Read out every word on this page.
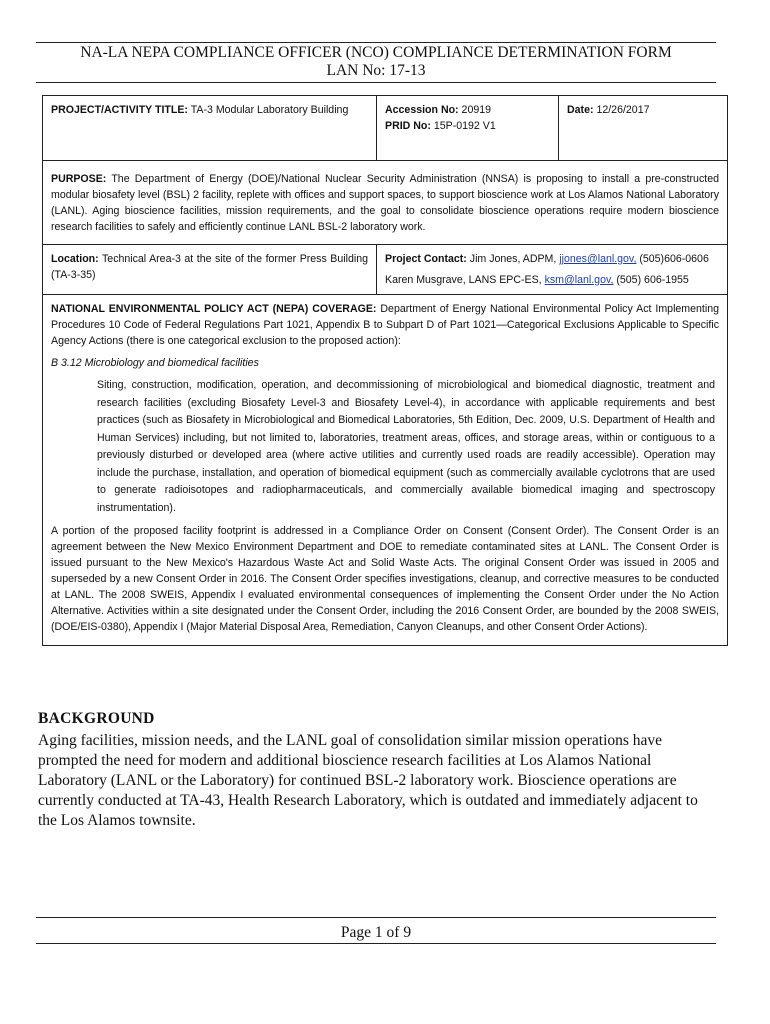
NA-LA NEPA COMPLIANCE OFFICER (NCO) COMPLIANCE DETERMINATION FORM
LAN No: 17-13
PROJECT/ACTIVITY TITLE: TA-3 Modular Laboratory Building	Accession No: 20919
PRID No: 15P-0192 V1
Date: 12/26/2017
PURPOSE: The Department of Energy (DOE)/National Nuclear Security Administration (NNSA) is proposing to install a pre-constructed modular biosafety level (BSL) 2 facility, replete with offices and support spaces, to support bioscience work at Los Alamos National Laboratory (LANL). Aging bioscience facilities, mission requirements, and the goal to consolidate bioscience operations require modern bioscience research facilities to safely and efficiently continue LANL BSL-2 laboratory work.
Location: Technical Area-3 at the site of the former Press Building (TA-3-35)
Project Contact: Jim Jones, ADPM, jjones@lanl.gov, (505)606-0606
Karen Musgrave, LANS EPC-ES, ksm@lanl.gov, (505) 606-1955
NATIONAL ENVIRONMENTAL POLICY ACT (NEPA) COVERAGE: Department of Energy National Environmental Policy Act Implementing Procedures 10 Code of Federal Regulations Part 1021, Appendix B to Subpart D of Part 1021—Categorical Exclusions Applicable to Specific Agency Actions (there is one categorical exclusion to the proposed action):
B 3.12 Microbiology and biomedical facilities
Siting, construction, modification, operation, and decommissioning of microbiological and biomedical diagnostic, treatment and research facilities (excluding Biosafety Level-3 and Biosafety Level-4), in accordance with applicable requirements and best practices (such as Biosafety in Microbiological and Biomedical Laboratories, 5th Edition, Dec. 2009, U.S. Department of Health and Human Services) including, but not limited to, laboratories, treatment areas, offices, and storage areas, within or contiguous to a previously disturbed or developed area (where active utilities and currently used roads are readily accessible). Operation may include the purchase, installation, and operation of biomedical equipment (such as commercially available cyclotrons that are used to generate radioisotopes and radiopharmaceuticals, and commercially available biomedical imaging and spectroscopy instrumentation).
A portion of the proposed facility footprint is addressed in a Compliance Order on Consent (Consent Order). The Consent Order is an agreement between the New Mexico Environment Department and DOE to remediate contaminated sites at LANL. The Consent Order is issued pursuant to the New Mexico's Hazardous Waste Act and Solid Waste Acts. The original Consent Order was issued in 2005 and superseded by a new Consent Order in 2016. The Consent Order specifies investigations, cleanup, and corrective measures to be conducted at LANL. The 2008 SWEIS, Appendix I evaluated environmental consequences of implementing the Consent Order under the No Action Alternative. Activities within a site designated under the Consent Order, including the 2016 Consent Order, are bounded by the 2008 SWEIS, (DOE/EIS-0380), Appendix I (Major Material Disposal Area, Remediation, Canyon Cleanups, and other Consent Order Actions).
BACKGROUND
Aging facilities, mission needs, and the LANL goal of consolidation similar mission operations have prompted the need for modern and additional bioscience research facilities at Los Alamos National Laboratory (LANL or the Laboratory) for continued BSL-2 laboratory work. Bioscience operations are currently conducted at TA-43, Health Research Laboratory, which is outdated and immediately adjacent to the Los Alamos townsite.
Page 1 of 9
